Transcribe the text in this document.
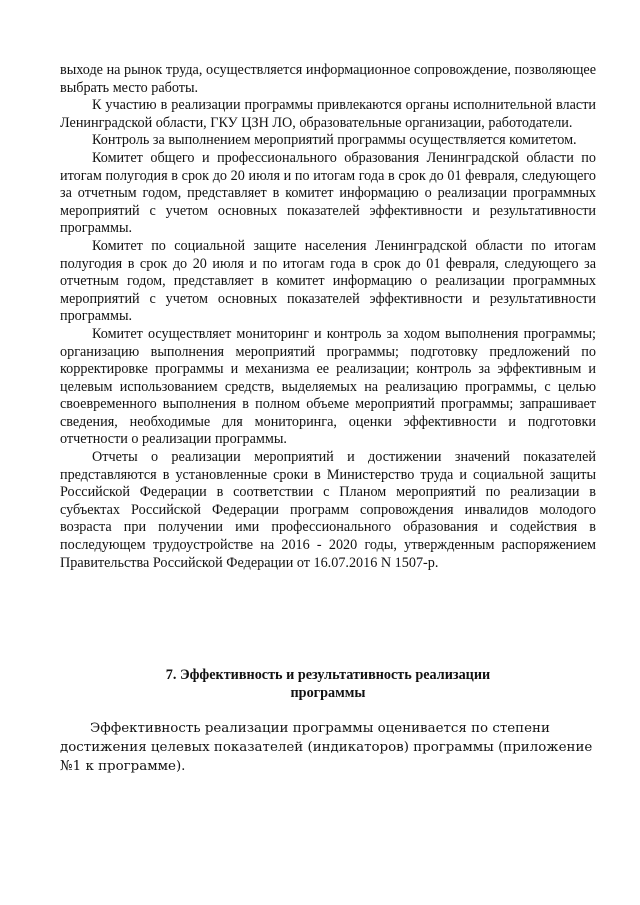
выходе на рынок труда, осуществляется информационное сопровождение, позволяющее выбрать место работы.

К участию в реализации программы привлекаются органы исполнительной власти Ленинградской области, ГКУ ЦЗН ЛО, образовательные организации, работодатели.

Контроль за выполнением мероприятий программы осуществляется комитетом.

Комитет общего и профессионального образования Ленинградской области по итогам полугодия в срок до 20 июля и по итогам года в срок до 01 февраля, следующего за отчетным годом, представляет в комитет информацию о реализации программных мероприятий с учетом основных показателей эффективности и результативности программы.

Комитет по социальной защите населения Ленинградской области по итогам полугодия в срок до 20 июля и по итогам года в срок до 01 февраля, следующего за отчетным годом, представляет в комитет информацию о реализации программных мероприятий с учетом основных показателей эффективности и результативности программы.

Комитет осуществляет мониторинг и контроль за ходом выполнения программы; организацию выполнения мероприятий программы; подготовку предложений по корректировке программы и механизма ее реализации; контроль за эффективным и целевым использованием средств, выделяемых на реализацию программы, с целью своевременного выполнения в полном объеме мероприятий программы; запрашивает сведения, необходимые для мониторинга, оценки эффективности и подготовки отчетности о реализации программы.

Отчеты о реализации мероприятий и достижении значений показателей представляются в установленные сроки в Министерство труда и социальной защиты Российской Федерации в соответствии с Планом мероприятий по реализации в субъектах Российской Федерации программ сопровождения инвалидов молодого возраста при получении ими профессионального образования и содействия в последующем трудоустройстве на 2016 - 2020 годы, утвержденным распоряжением Правительства Российской Федерации от 16.07.2016 N 1507-р.

7. Эффективность и результативность реализации
программы

Эффективность реализации программы оценивается по степени достижения целевых показателей (индикаторов) программы (приложение №1 к программе).
